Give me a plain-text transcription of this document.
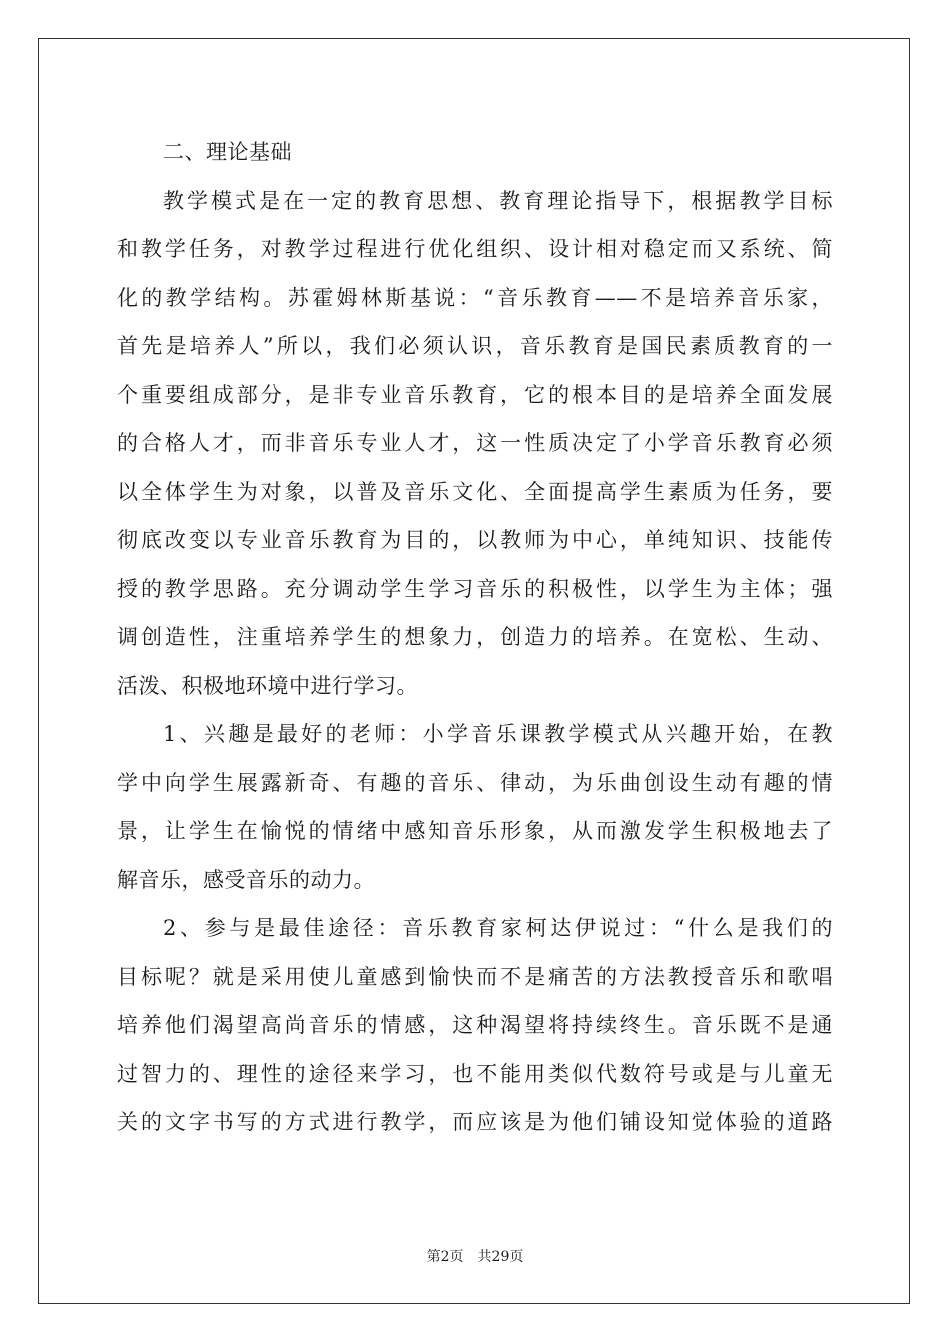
二、理论基础
教学模式是在一定的教育思想、教育理论指导下，根据教学目标
和教学任务，对教学过程进行优化组织、设计相对稳定而又系统、简
化的教学结构。苏霍姆林斯基说：“音乐教育——不是培养音乐家，
首先是培养人”所以，我们必须认识，音乐教育是国民素质教育的一
个重要组成部分，是非专业音乐教育，它的根本目的是培养全面发展
的合格人才，而非音乐专业人才，这一性质决定了小学音乐教育必须
以全体学生为对象，以普及音乐文化、全面提高学生素质为任务，要
彻底改变以专业音乐教育为目的，以教师为中心，单纯知识、技能传
授的教学思路。充分调动学生学习音乐的积极性，以学生为主体；强
调创造性，注重培养学生的想象力，创造力的培养。在宽松、生动、
活泼、积极地环境中进行学习。
1、兴趣是最好的老师：小学音乐课教学模式从兴趣开始，在教
学中向学生展露新奇、有趣的音乐、律动，为乐曲创设生动有趣的情
景，让学生在愉悦的情绪中感知音乐形象，从而激发学生积极地去了
解音乐，感受音乐的动力。
2、参与是最佳途径：音乐教育家柯达伊说过：“什么是我们的
目标呢？就是采用使儿童感到愉快而不是痛苦的方法教授音乐和歌唱
培养他们渴望高尚音乐的情感，这种渴望将持续终生。音乐既不是通
过智力的、理性的途径来学习，也不能用类似代数符号或是与儿童无
关的文字书写的方式进行教学，而应该是为他们铺设知觉体验的道路
第2页 共29页
